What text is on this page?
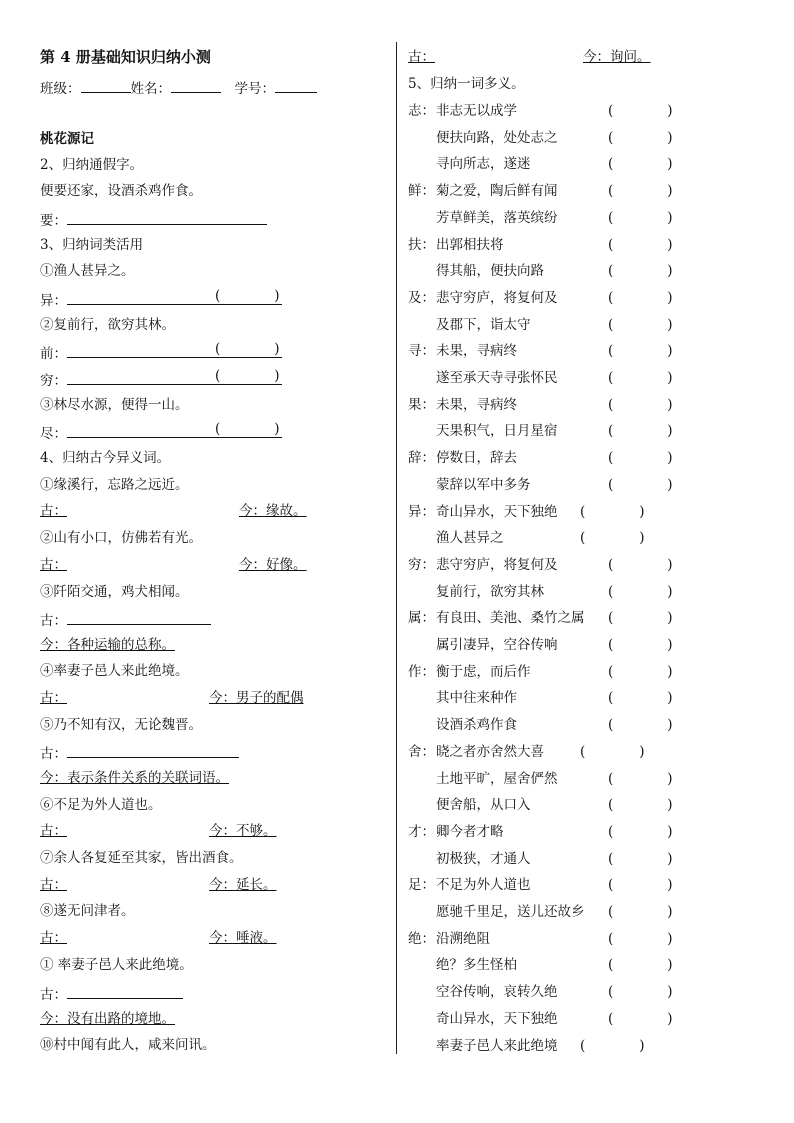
第 4 册基础知识归纳小测
班级：	姓名：　	学号：
桃花源记
2、归纳通假字。
便要还家，设酒杀鸡作食。
要：
3、归纳词类活用
①渔人甚异之。
异：	(　　　　)
②复前行，欲穷其林。
前：	(　　　　)
穷：	(　　　　)
③林尽水源，便得一山。
尽：	(　　　　)
4、归纳古今异义词。
①缘溪行，忘路之远近。
古：	今：缘故。
②山有小口，仿佛若有光。
古：	今：好像。
③阡陌交通，鸡犬相闻。
古：
今：各种运输的总称。
④率妻子邑人来此绝境。
古：	今：男子的配偶
⑤乃不知有汉，无论魏晋。
古：
今：表示条件关系的关联词语。
⑥不足为外人道也。
古：	今：不够。
⑦余人各复延至其家，皆出酒食。
古：	今：延长。
⑧遂无问津者。
古：	今：唾液。
① 率妻子邑人来此绝境。
古：
今：没有出路的境地。
⑩村中闻有此人，咸来问讯。
古：	今：询问。
5、归纳一词多义。
志： 非志无以成学	(　　　　)
便扶向路，处处志之	(　　　　)
寻向所志，遂迷	(　　　　)
鲜： 菊之爱，陶后鲜有闻	(　　　　)
芳草鲜美，落英缤纷	(　　　　)
扶： 出郭相扶将	(　　　　)
得其船，便扶向路	(　　　　)
及： 悲守穷庐，将复何及	(　　　　)
及郡下，诣太守	(　　　　)
寻： 未果，寻病终	(　　　　)
遂至承天寺寻张怀民	(　　　　)
果： 未果，寻病终	(　　　　)
天果积气，日月星宿	(　　　　)
辞： 停数日，辞去	(　　　　)
蒙辞以军中多务	(　　　　)
异： 奇山异水，天下独绝 (　　　　)
渔人甚异之	(　　　　)
穷： 悲守穷庐，将复何及	(　　　　)
复前行，欲穷其林	(　　　　)
属： 有良田、美池、桑竹之属 (　　　　)
属引凄异，空谷传响	(　　　　)
作： 衡于虑，而后作	(　　　　)
其中往来种作	(　　　　)
设酒杀鸡作食	(　　　　)
舍： 晓之者亦舍然大喜	(　　　　)
土地平旷，屋舍俨然	(　　　　)
便舍船，从口入	(　　　　)
才： 卿今者才略	(　　　　)
初极狭，才通人	(　　　　)
足： 不足为外人道也	(　　　　)
愿驰千里足，送儿还故乡 (　　　　)
绝： 沿溯绝阻	(　　　　)
绝？多生怪柏	(　　　　)
空谷传响，哀转久绝	(　　　　)
奇山异水，天下独绝	(　　　　)
率妻子邑人来此绝境 (　　　　)
